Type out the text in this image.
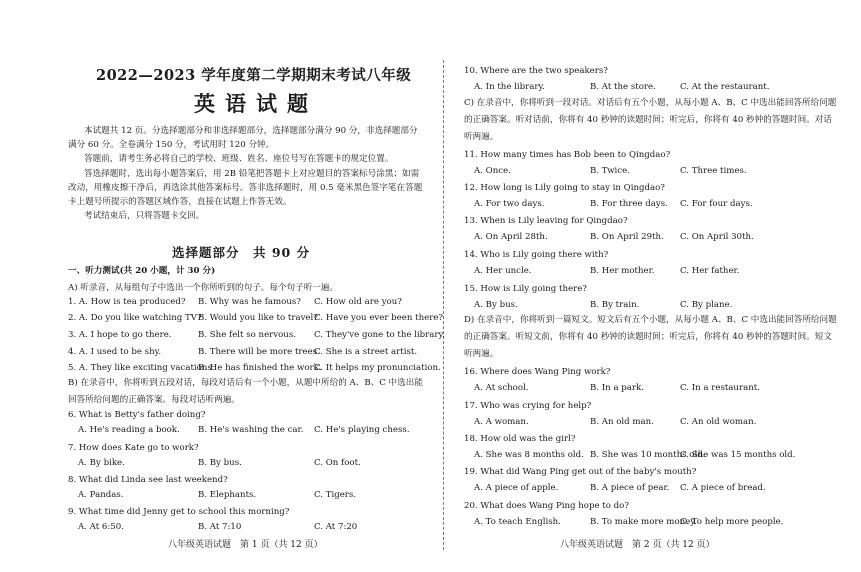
2022—2023 学年度第二学期期末考试八年级
英语试题

本试题共 12 页。分选择题部分和非选择题部分，选择题部分满分 90 分，非选择题部分满分 60 分。全卷满分 150 分，考试用时 120 分钟。

答题前，请考生务必将自己的学校、班级、姓名、座位号写在答题卡的规定位置。

答选择题时，选出每小题答案后，用 2B 铅笔把答题卡上对应题目的答案标号涂黑；如需改动，用橡皮擦干净后，再选涂其他答案标号。答非选择题时，用 0.5 毫米黑色签字笔在答题卡上题号所提示的答题区域作答，直接在试题上作答无效。

考试结束后，只将答题卡交回。

选择题部分　共 90 分
一、听力测试(共 20 小题，计 30 分)
A) 听录音，从每组句子中选出一个你所听到的句子。每个句子听一遍。
1. A. How is tea produced? B. Why was he famous? C. How old are you?
2. A. Do you like watching TV?
B. Would you like to travel?
C. Have you ever been there?
3. A. I hope to go there.	B. She felt so nervous. C. They've gone to the library.
4. A. I used to be shy.	B. There will be more trees.
C. She is a street artist.
5. A. They like exciting vacations.
B. He has finished the work.
C. It helps my pronunciation.
B) 在录音中，你将听到五段对话，每段对话后有一个小题，从题中所给的 A、B、C 中选出能回答所给问题的正确答案。每段对话听两遍。
6. What is Betty's father doing?
A. He's reading a book. B. He's washing the car. C. He's playing chess.
7. How does Kate go to work?
A. By bike.	B. By bus.	C. On foot.
8. What did Linda see last weekend?
A. Pandas.	B. Elephants.	C. Tigers.
9. What time did Jenny get to school this morning?
A. At 6:50.	B. At 7:10	C. At 7:20
八年级英语试题　第 1 页（共 12 页）
10. Where are the two speakers?
A. In the library.	B. At the store.	C. At the restaurant.
C) 在录音中，你将听到一段对话。对话后有五个小题，从每小题 A、B、C 中选出能回答所给问题的正确答案。听对话前，你将有 40 秒钟的读题时间；听完后，你将有 40 秒钟的答题时间。对话听两遍。
11. How many times has Bob been to Qingdao?
A. Once.	B. Twice.	C. Three times.
12. How long is Lily going to stay in Qingdao?
A. For two days.	B. For three days. C. For four days.
13. When is Lily leaving for Qingdao?
A. On April 28th.	B. On April 29th. C. On April 30th.
14. Who is Lily going there with?
A. Her uncle.	B. Her mother.	C. Her father.
15. How is Lily going there?
A. By bus.	B. By train.	C. By plane.
D) 在录音中，你将听到一篇短文。短文后有五个小题，从每小题 A、B、C 中选出能回答所给问题的正确答案。听短文前，你将有 40 秒钟的读题时间；听完后，你将有 40 秒钟的答题时间。短文听两遍。
16. Where does Wang Ping work?
A. At school.	B. In a park.	C. In a restaurant.
17. Who was crying for help?
A. A woman.	B. An old man.	C. An old woman.
18. How old was the girl?
A. She was 8 months old. B. She was 10 months old.
C. She was 15 months old.
19. What did Wang Ping get out of the baby's mouth?
A. A piece of apple.	B. A piece of pear. C. A piece of bread.
20. What does Wang Ping hope to do?
A. To teach English.	B. To make more money.
C. To help more people.
八年级英语试题　第 2 页（共 12 页）
